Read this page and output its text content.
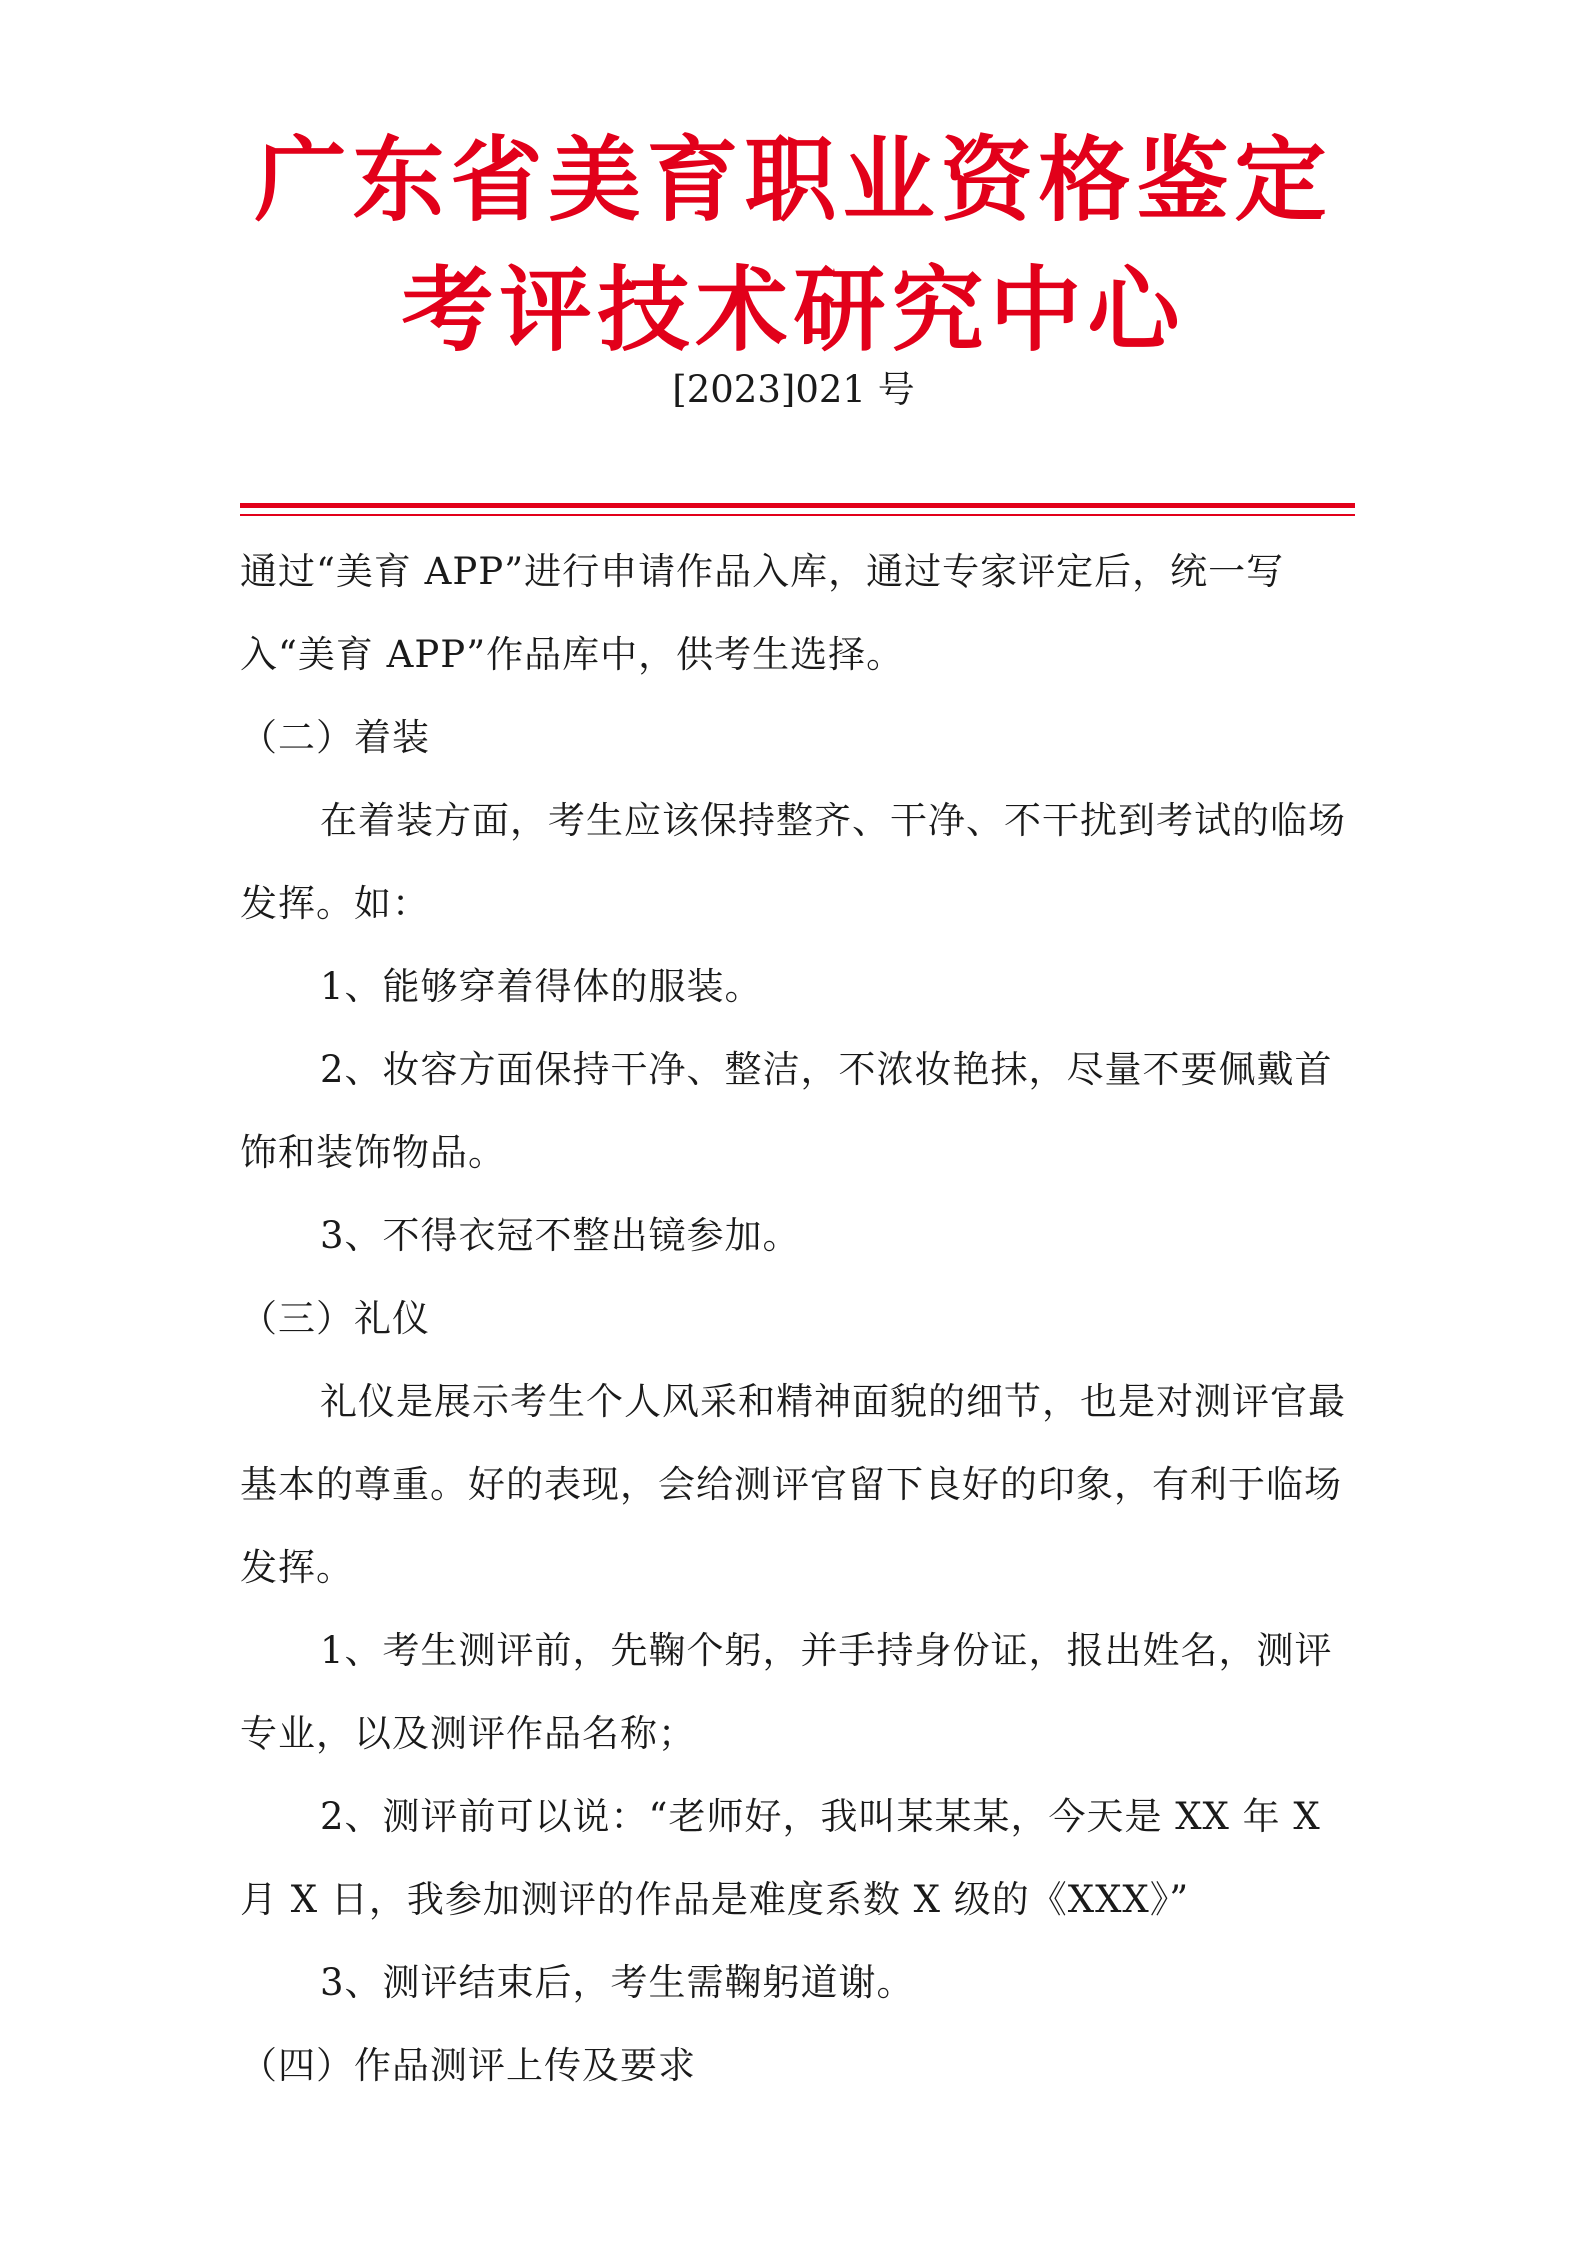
广东省美育职业资格鉴定
考评技术研究中心
[2023]021 号

通过“美育 APP”进行申请作品入库，通过专家评定后，统一写入“美育 APP”作品库中，供考生选择。

（二）着装

在着装方面，考生应该保持整齐、干净、不干扰到考试的临场发挥。如：

1、能够穿着得体的服装。

2、妆容方面保持干净、整洁，不浓妆艳抹，尽量不要佩戴首饰和装饰物品。

3、不得衣冠不整出镜参加。

（三）礼仪

礼仪是展示考生个人风采和精神面貌的细节，也是对测评官最基本的尊重。好的表现，会给测评官留下良好的印象，有利于临场发挥。

1、考生测评前，先鞠个躬，并手持身份证，报出姓名，测评专业，以及测评作品名称；

2、测评前可以说：“老师好，我叫某某某，今天是 XX 年 X 月 X 日，我参加测评的作品是难度系数 X 级的《XXX》”

3、测评结束后，考生需鞠躬道谢。

（四）作品测评上传及要求
